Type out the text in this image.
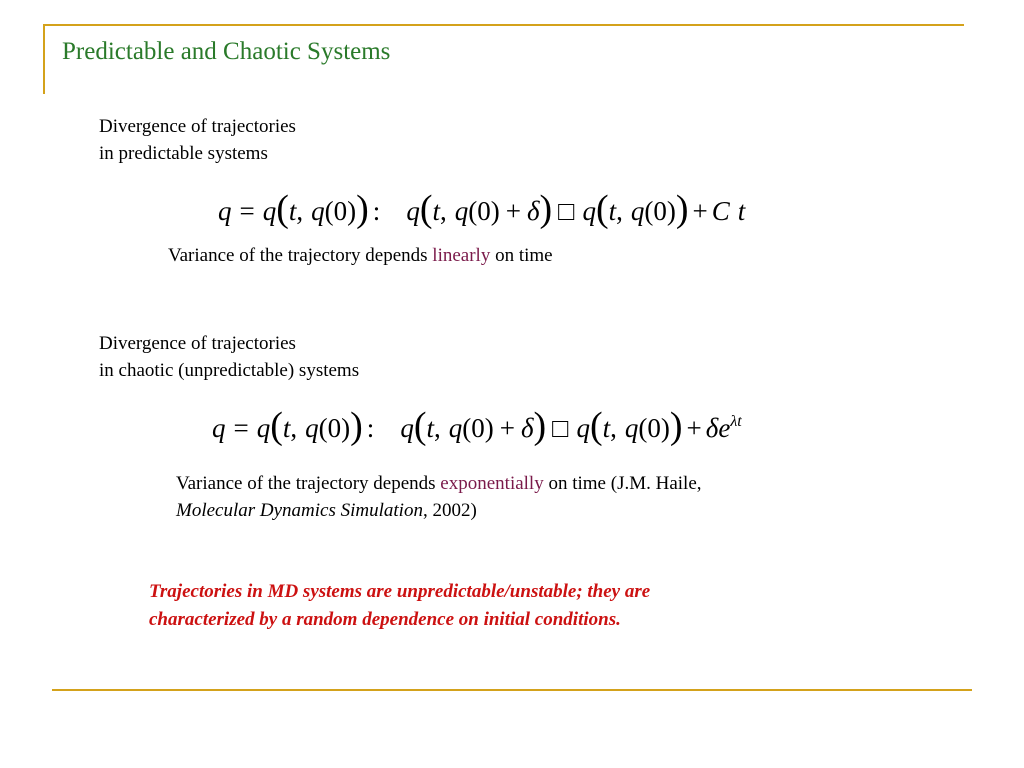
Predictable and Chaotic Systems
Divergence of trajectories
in predictable systems
q = q ( t , q (0) ) : q ( t , q (0) + δ ) □ q ( t , q (0) ) + C t
Variance of the trajectory depends linearly on time
Divergence of trajectories
in chaotic (unpredictable) systems
q = q ( t , q (0) ) : q ( t , q (0) + δ ) □ q ( t , q (0) ) + δ $e^{\lambda t}$
Variance of the trajectory depends exponentially on time (J.M. Haile,
Molecular Dynamics Simulation, 2002)
Trajectories in MD systems are unpredictable/unstable; they are
characterized by a random dependence on initial conditions.
